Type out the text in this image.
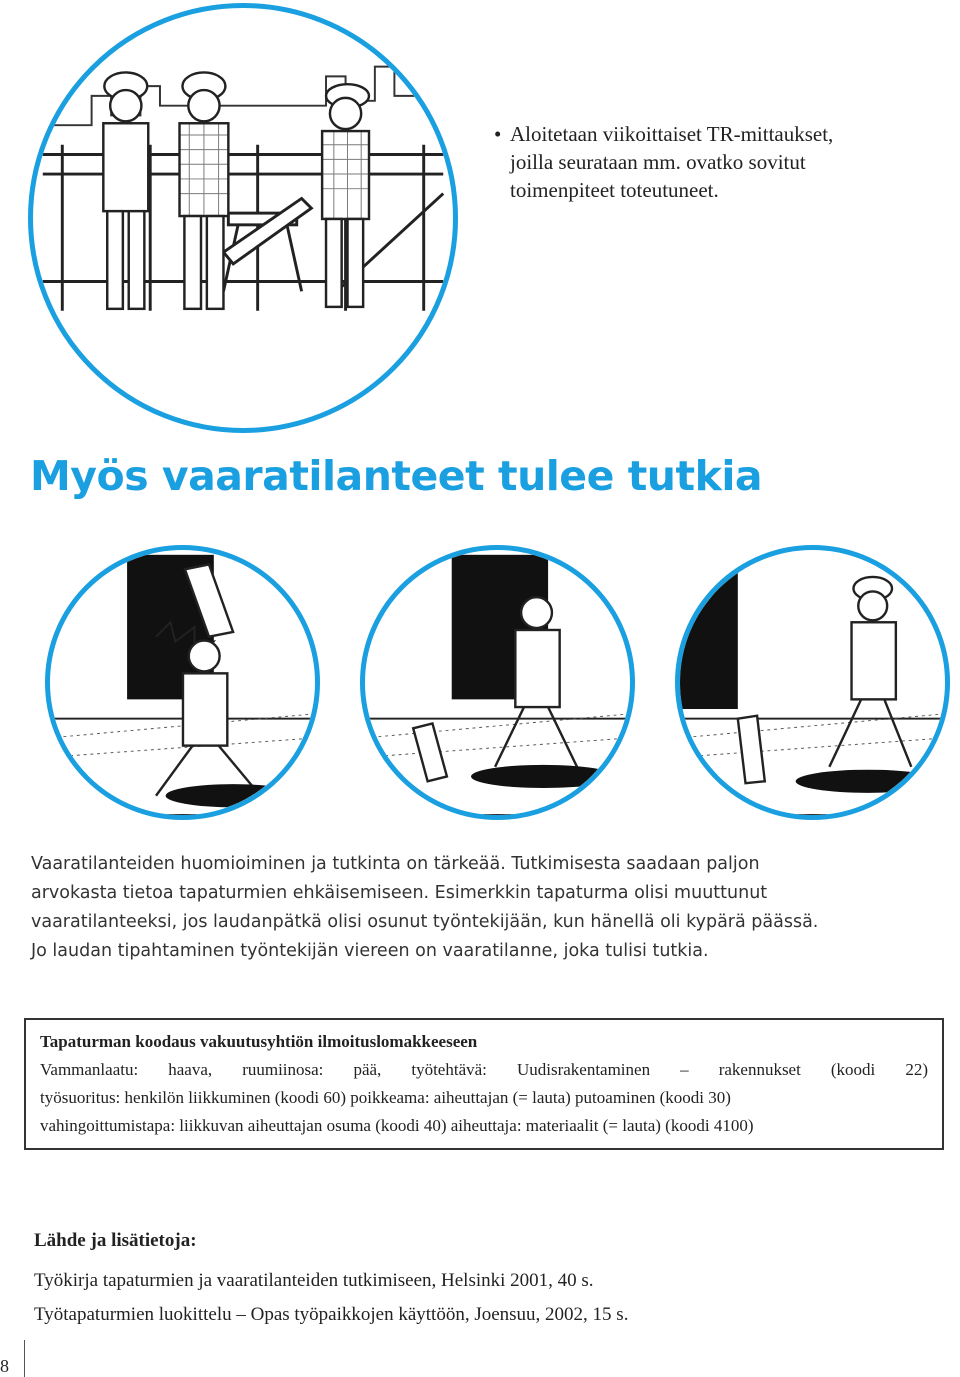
• Aloitetaan viikoittaiset TR-mittaukset,
joilla seurataan mm. ovatko sovitut
toimenpiteet toteutuneet.
Myös vaaratilanteet tulee tutkia

Vaaratilanteiden huomioiminen ja tutkinta on tärkeää. Tutkimisesta saadaan paljon

arvokasta tietoa tapaturmien ehkäisemiseen. Esimerkkin tapaturma olisi muuttunut

vaaratilanteeksi, jos laudanpätkä olisi osunut työntekijään, kun hänellä oli kypärä päässä.

Jo laudan tipahtaminen työntekijän viereen on vaaratilanne, joka tulisi tutkia.

Tapaturman koodaus vakuutusyhtiön ilmoituslomakkeeseen
Vammanlaatu: haava, ruumiinosa: pää, työtehtävä: Uudisrakentaminen – rakennukset (koodi 22)
työsuoritus: henkilön liikkuminen (koodi 60) poikkeama: aiheuttajan (= lauta) putoaminen (koodi 30)
vahingoittumistapa: liikkuvan aiheuttajan osuma (koodi 40) aiheuttaja: materiaalit (= lauta) (koodi 4100)
Lähde ja lisätietoja:
Työkirja tapaturmien ja vaaratilanteiden tutkimiseen, Helsinki 2001, 40 s.
Työtapaturmien luokittelu – Opas työpaikkojen käyttöön, Joensuu, 2002, 15 s.
8
